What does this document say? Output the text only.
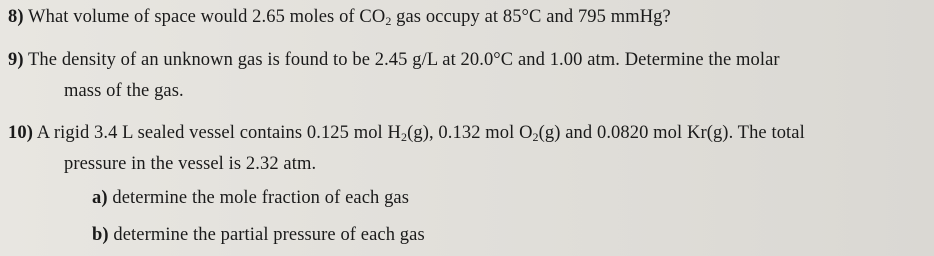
8) What volume of space would 2.65 moles of $CO_2$ gas occupy at 85°C and 795 mmHg?
9) The density of an unknown gas is found to be 2.45 g/L at 20.0°C and 1.00 atm. Determine the molar
mass of the gas.
10) A rigid 3.4 L sealed vessel contains 0.125 mol $H_2(g)$, 0.132 mol $O_2(g)$ and 0.0820 mol Kr(g). The total
pressure in the vessel is 2.32 atm.
a) determine the mole fraction of each gas
b) determine the partial pressure of each gas
